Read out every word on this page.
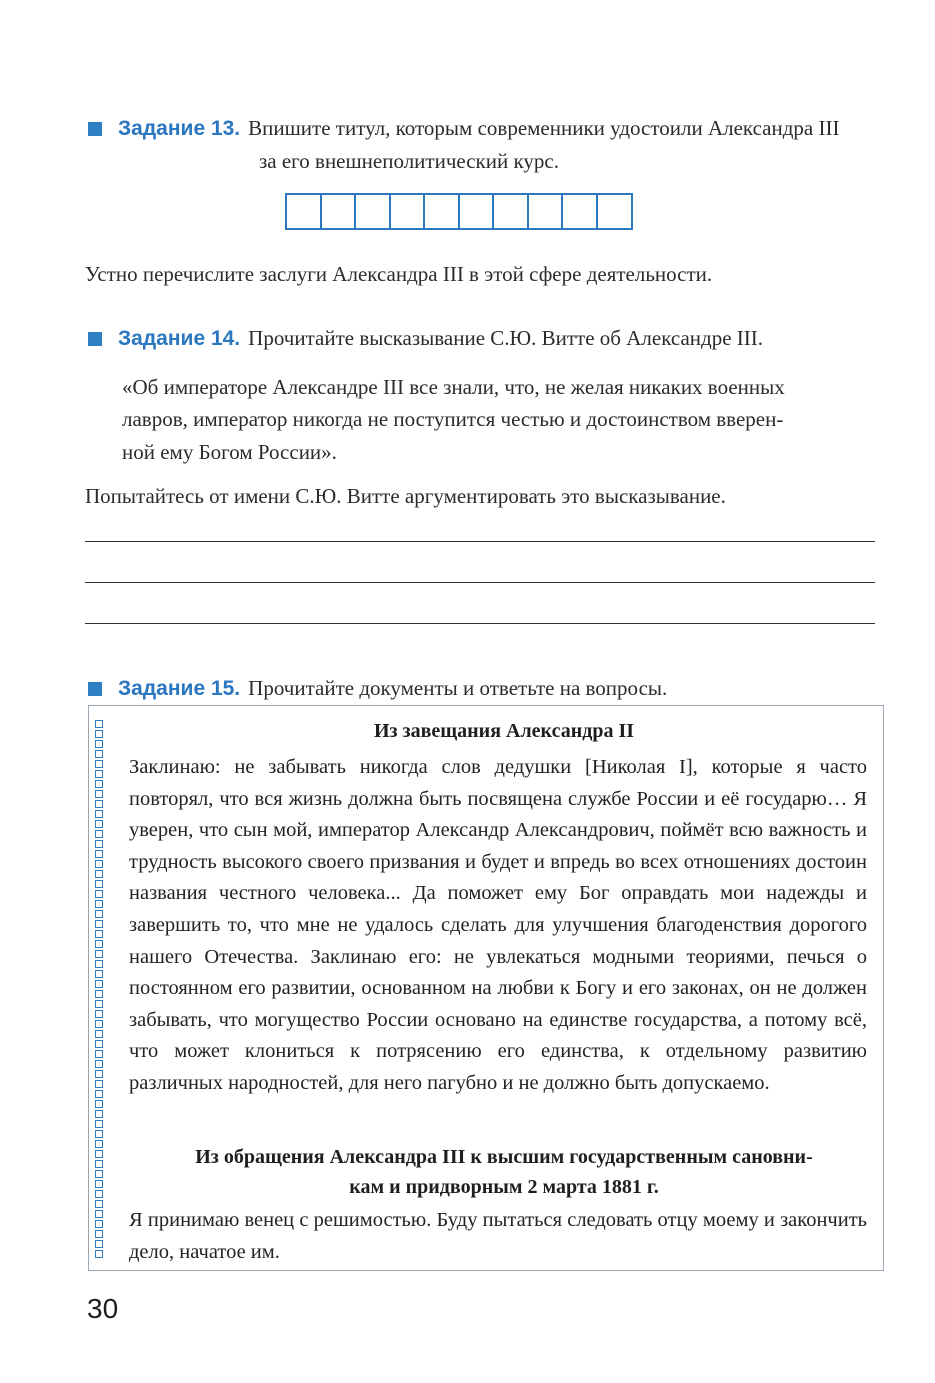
Задание 13. Впишите титул, которым современники удостоили Александра III
за его внешнеполитический курс.
Устно перечислите заслуги Александра III в этой сфере деятельности.
Задание 14. Прочитайте высказывание С.Ю. Витте об Александре III.
«Об императоре Александре III все знали, что, не желая никаких военных
лавров, император никогда не поступится честью и достоинством вверен-
ной ему Богом России».
Попытайтесь от имени С.Ю. Витте аргументировать это высказывание.
Задание 15. Прочитайте документы и ответьте на вопросы.
Из завещания Александра II

Заклинаю: не забывать никогда слов дедушки [Николая I], которые я часто повторял, что вся жизнь должна быть посвящена службе России и её государю… Я уверен, что сын мой, император Александр Александрович, поймёт всю важность и трудность высокого своего призвания и будет и впредь во всех отношениях достоин названия честного человека... Да поможет ему Бог оправдать мои надежды и завершить то, что мне не удалось сделать для улучшения благоденствия дорогого нашего Отечества. Заклинаю его: не увлекаться модными теориями, печься о постоянном его развитии, основанном на любви к Богу и его законах, он не должен забывать, что могущество России основано на единстве государства, а потому всё, что может клониться к потрясению его единства, к отдельному развитию различных народностей, для него пагубно и не должно быть допускаемо.

Из обращения Александра III к высшим государственным сановни-
кам и придворным 2 марта 1881 г.

Я принимаю венец с решимостью. Буду пытаться следовать отцу моему и закончить дело, начатое им.

30
